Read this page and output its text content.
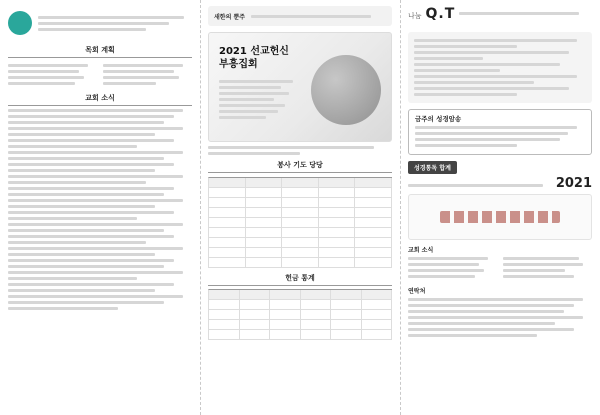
목회 계획
교회 소식
새한의 뿐주
2021 선교헌신
부흥집회
봉사 기도 당당
헌금 통계
나눔 Q.T
금주의 성경암송
성경통독 합계
2021
교회 소식
연락처
